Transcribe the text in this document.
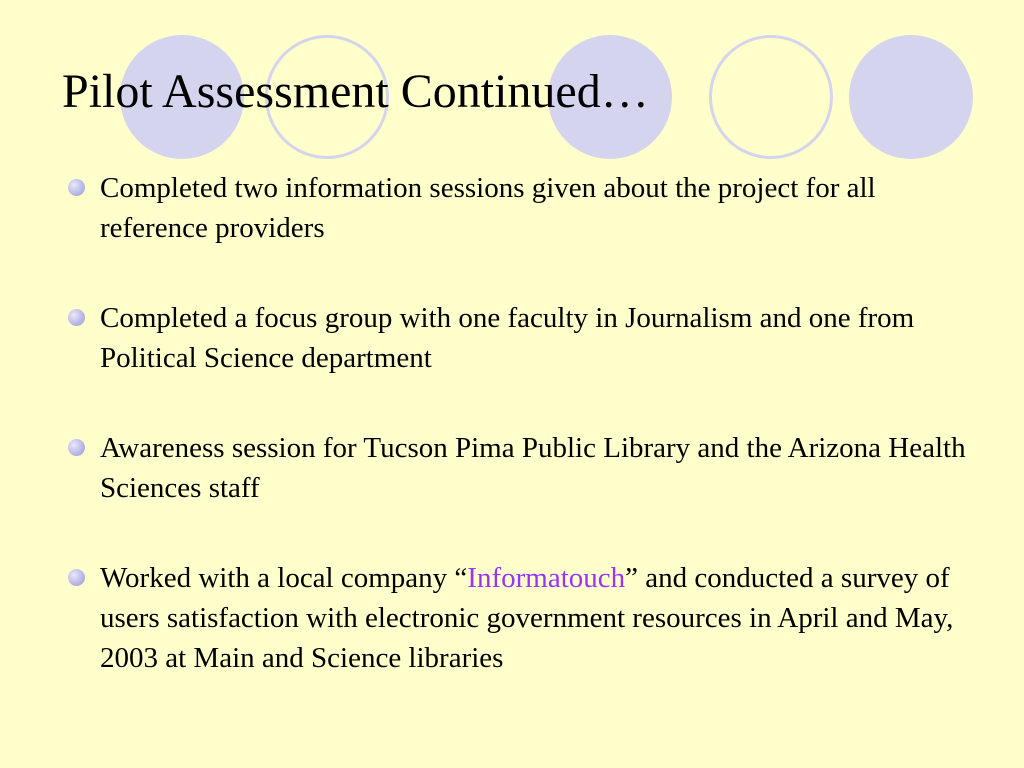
Pilot Assessment Continued…
Completed two information sessions given about the project for all reference providers
Completed a focus group with one faculty in Journalism and one from Political Science department
Awareness session for Tucson Pima Public Library and the Arizona Health Sciences staff
Worked with a local company “Informatouch” and conducted a survey of users satisfaction with electronic government resources in April and May, 2003 at Main and Science libraries
